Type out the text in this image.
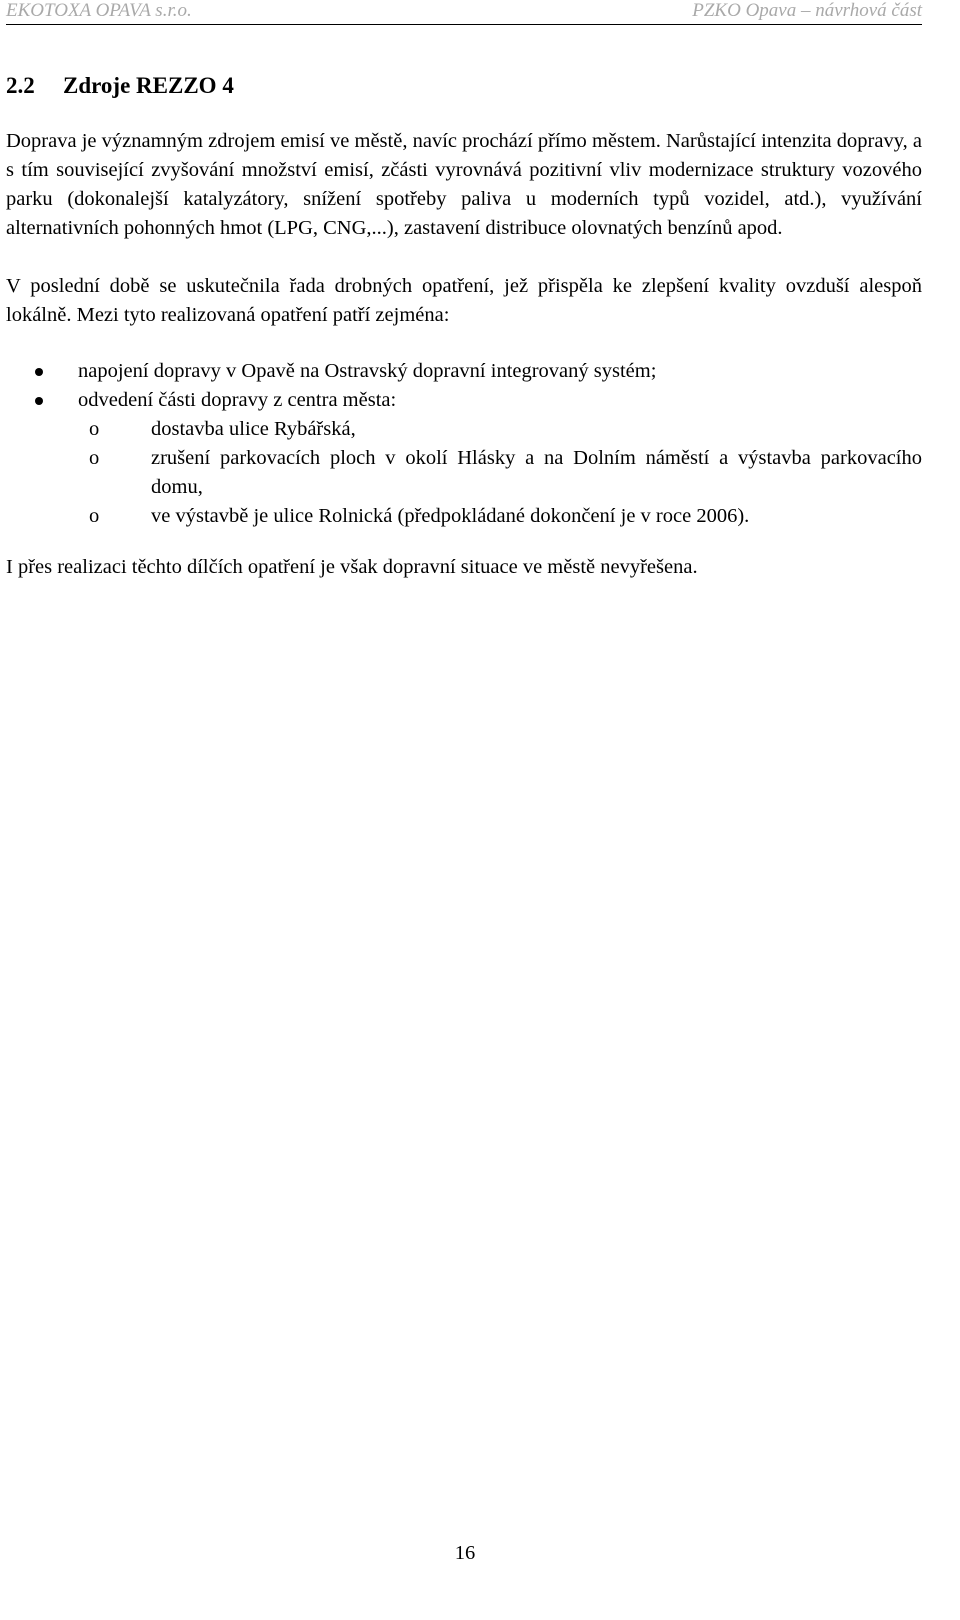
EKOTOXA OPAVA s.r.o.	PZKO Opava – návrhová část
2.2 Zdroje REZZO 4

Doprava je významným zdrojem emisí ve městě, navíc prochází přímo městem. Narůstající intenzita dopravy, a s tím související zvyšování množství emisí, zčásti vyrovnává pozitivní vliv modernizace struktury vozového parku (dokonalejší katalyzátory, snížení spotřeby paliva u moderních typů vozidel, atd.), využívání alternativních pohonných hmot (LPG, CNG,...), zastavení distribuce olovnatých benzínů apod.

V poslední době se uskutečnila řada drobných opatření, jež přispěla ke zlepšení kvality ovzduší alespoň lokálně. Mezi tyto realizovaná opatření patří zejména:

napojení dopravy v Opavě na Ostravský dopravní integrovaný systém;
odvedení části dopravy z centra města:
o	dostavba ulice Rybářská,
o	zrušení parkovacích ploch v okolí Hlásky a na Dolním náměstí a výstavba parkovacího domu,
o	ve výstavbě je ulice Rolnická (předpokládané dokončení je v roce 2006).

I přes realizaci těchto dílčích opatření je však dopravní situace ve městě nevyřešena.

16
